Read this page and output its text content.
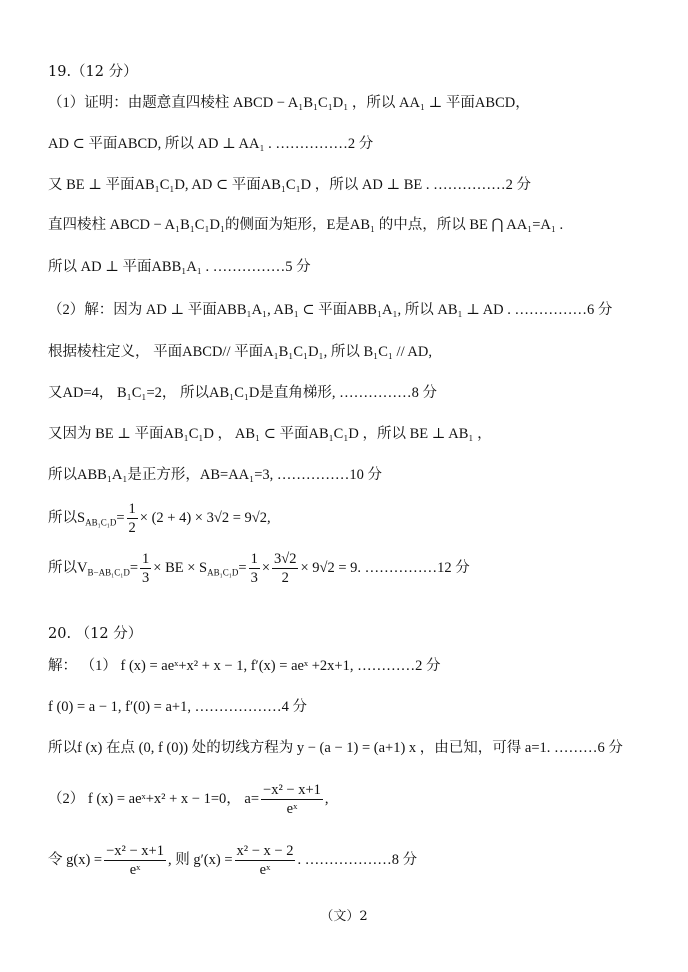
19.（12 分）
（1）证明：由题意直四棱柱 ABCD − A₁B₁C₁D₁ ，所以 AA₁ ⊥ 平面ABCD，
AD ⊂ 平面ABCD, 所以 AD ⊥ AA₁ . ……………2 分
又 BE ⊥ 平面AB₁C₁D, AD ⊂ 平面AB₁C₁D ，所以 AD ⊥ BE . ……………2 分
直四棱柱 ABCD − A₁B₁C₁D₁的侧面为矩形，E是AB₁ 的中点，所以 BE ⋂ AA₁=A₁ .
所以 AD ⊥ 平面ABB₁A₁ . ……………5 分
（2）解：因为 AD ⊥ 平面ABB₁A₁, AB₁ ⊂ 平面ABB₁A₁, 所以 AB₁ ⊥ AD . ……………6 分
根据棱柱定义， 平面ABCD// 平面A₁B₁C₁D₁, 所以 B₁C₁ // AD,
又AD=4， B₁C₁=2， 所以AB₁C₁D是直角梯形, ……………8 分
又因为 BE ⊥ 平面AB₁C₁D ， AB₁ ⊂ 平面AB₁C₁D ，所以 BE ⊥ AB₁ ，
所以ABB₁A₁是正方形，AB=AA₁=3, ……………10 分
所以$S_{AB_1C_1D}= \frac{1}{2} \times (2 + 4) \times 3√2 = 9√2$,
所以$V_{B-AB_1C_1D}= \frac{1}{3}$ × BE × $S_{AB_1C_1D}= \frac{1}{3} \times \frac{3√2}{2} \times 9√2 = 9$. ……………12 分
20. （12 分）
解： （1） f (x) = aeˣ+x² + x − 1, f′(x) = aeˣ +2x+1, …………2 分
f (0) = a − 1, f′(0) = a+1, ………………4 分
所以f (x) 在点 (0, f (0)) 处的切线方程为 y − (a − 1) = (a+1) x ，由已知，可得 a=1. ………6 分
（2） f (x) = aeˣ+x² + x − 1=0， $a= \frac{\text{−x² − x+1}}{\text{eˣ}}$ ,
令 $g(x) = \frac{\text{−x² − x+1}}{\text{eˣ}}$ , 则 $g'(x) = \frac{\text{x² − x − 2}}{\text{eˣ}}$ . ………………8 分
（文）2
